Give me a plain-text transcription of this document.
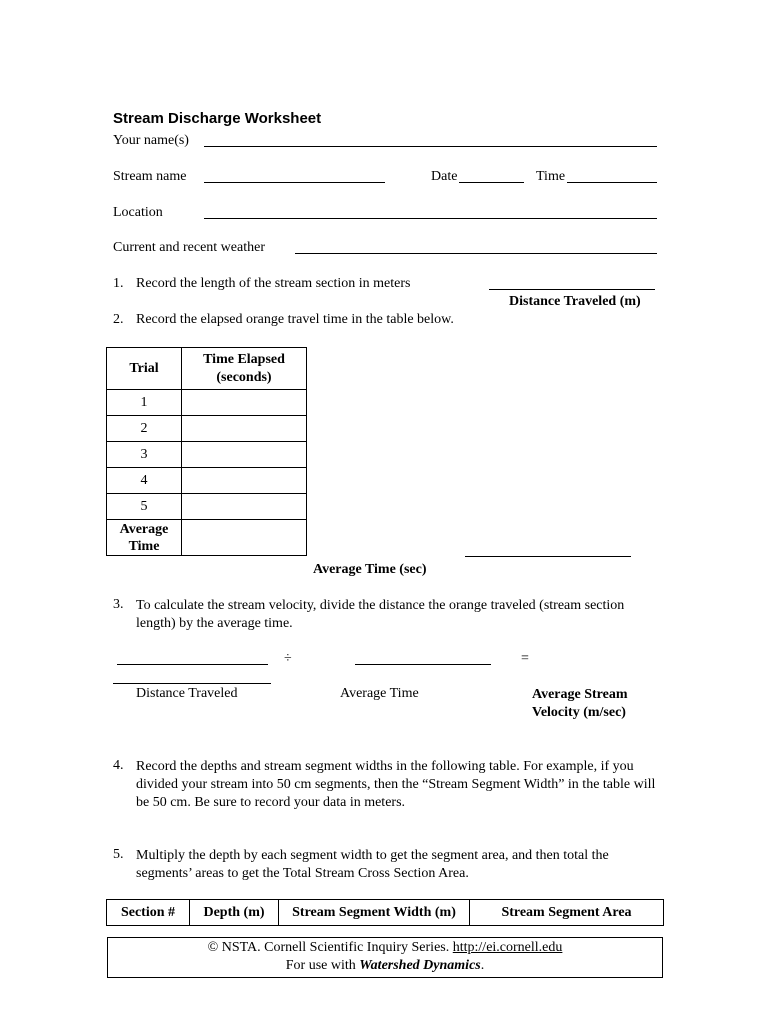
Stream Discharge Worksheet
Your name(s)
Stream name	Date	Time
Location
Current and recent weather
1. Record the length of the stream section in meters
Distance Traveled (m)
2. Record the elapsed orange travel time in the table below.
Trial	Time Elapsed (seconds)
1	
2	
3	
4	
5	
Average Time	
Average Time (sec)
3. To calculate the stream velocity, divide the distance the orange traveled (stream section length) by the average time.
÷	=
Distance Traveled	Average Time	Average Stream Velocity (m/sec)
4. Record the depths and stream segment widths in the following table. For example, if you divided your stream into 50 cm segments, then the “Stream Segment Width” in the table will be 50 cm. Be sure to record your data in meters.
5. Multiply the depth by each segment width to get the segment area, and then total the segments’ areas to get the Total Stream Cross Section Area.
Section #	Depth (m)	Stream Segment Width (m)	Stream Segment Area
© NSTA. Cornell Scientific Inquiry Series. http://ei.cornell.edu
For use with Watershed Dynamics.
